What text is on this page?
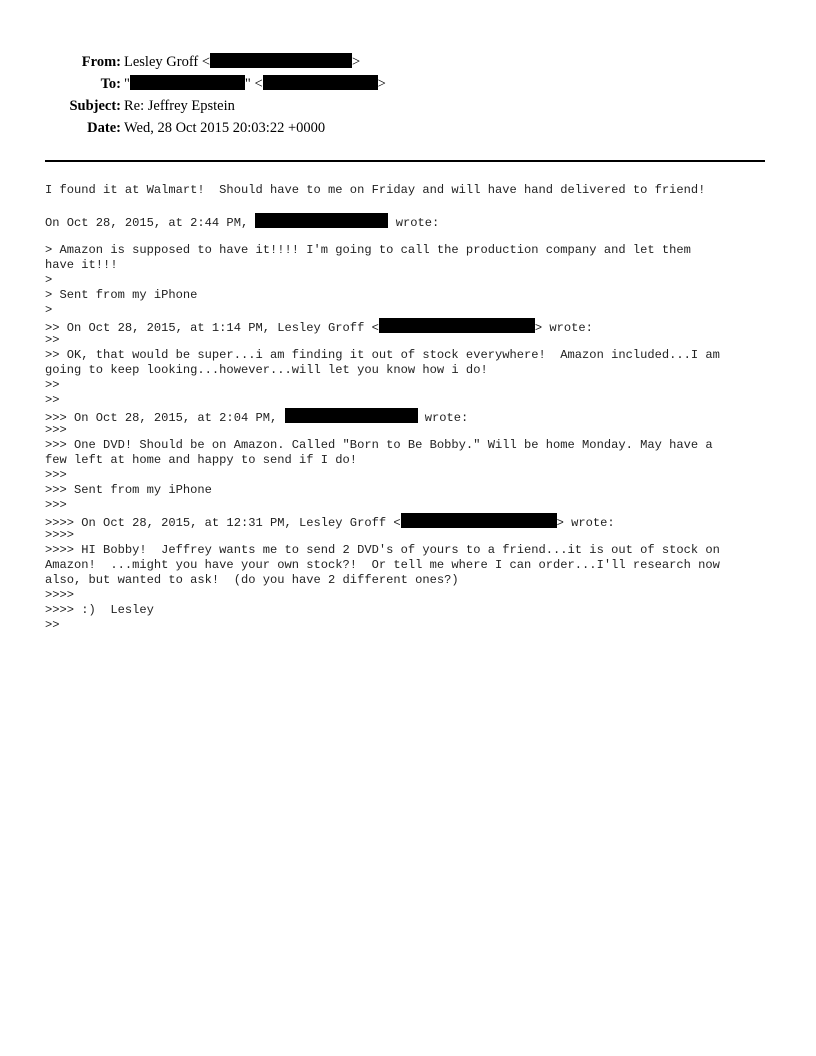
From: Lesley Groff <	>
To: "	" <	>
Subject: Re: Jeffrey Epstein
Date: Wed, 28 Oct 2015 20:03:22 +0000
I found it at Walmart!  Should have to me on Friday and will have hand delivered to friend!
On Oct 28, 2015, at 2:44 PM,	wrote:
> Amazon is supposed to have it!!!! I'm going to call the production company and let them
have it!!!
>
> Sent from my iPhone
>
>> On Oct 28, 2015, at 1:14 PM, Lesley Groff <	> wrote:
>>
>> OK, that would be super...i am finding it out of stock everywhere!  Amazon included...I am
going to keep looking...however...will let you know how i do!
>>
>>
>>> On Oct 28, 2015, at 2:04 PM,	wrote:
>>>
>>> One DVD! Should be on Amazon. Called "Born to Be Bobby." Will be home Monday. May have a
few left at home and happy to send if I do!
>>>
>>> Sent from my iPhone
>>>
>>>> On Oct 28, 2015, at 12:31 PM, Lesley Groff <	> wrote:
>>>>
>>>> HI Bobby!  Jeffrey wants me to send 2 DVD's of yours to a friend...it is out of stock on
Amazon!  ...might you have your own stock?!  Or tell me where I can order...I'll research now
also, but wanted to ask!  (do you have 2 different ones?)
>>>>
>>>> :)  Lesley
>>
